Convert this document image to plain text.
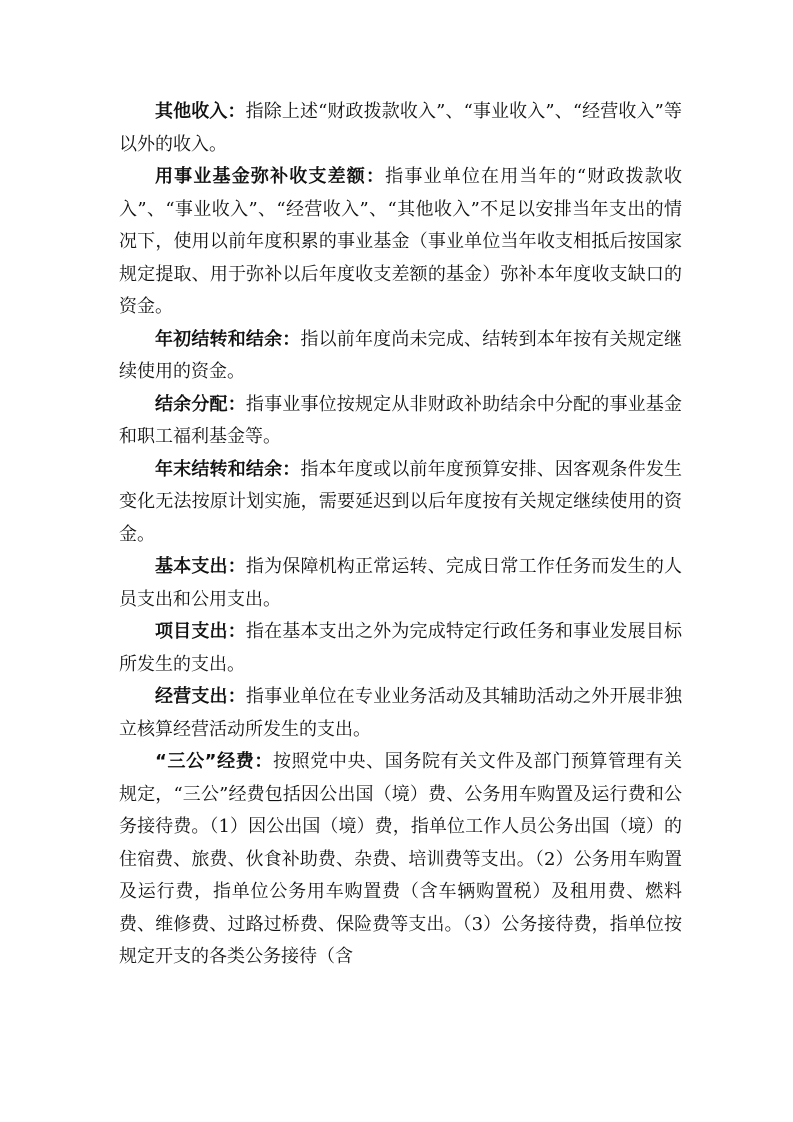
其他收入：指除上述“财政拨款收入”、“事业收入”、“经营收入”等以外的收入。

用事业基金弥补收支差额：指事业单位在用当年的“财政拨款收入”、“事业收入”、“经营收入”、“其他收入”不足以安排当年支出的情况下，使用以前年度积累的事业基金（事业单位当年收支相抵后按国家规定提取、用于弥补以后年度收支差额的基金）弥补本年度收支缺口的资金。

年初结转和结余：指以前年度尚未完成、结转到本年按有关规定继续使用的资金。

结余分配：指事业事位按规定从非财政补助结余中分配的事业基金和职工福利基金等。

年末结转和结余：指本年度或以前年度预算安排、因客观条件发生变化无法按原计划实施，需要延迟到以后年度按有关规定继续使用的资金。

基本支出：指为保障机构正常运转、完成日常工作任务而发生的人员支出和公用支出。

项目支出：指在基本支出之外为完成特定行政任务和事业发展目标所发生的支出。

经营支出：指事业单位在专业业务活动及其辅助活动之外开展非独立核算经营活动所发生的支出。

“三公”经费：按照党中央、国务院有关文件及部门预算管理有关规定，“三公”经费包括因公出国（境）费、公务用车购置及运行费和公务接待费。（1）因公出国（境）费，指单位工作人员公务出国（境）的住宿费、旅费、伙食补助费、杂费、培训费等支出。（2）公务用车购置及运行费，指单位公务用车购置费（含车辆购置税）及租用费、燃料费、维修费、过路过桥费、保险费等支出。（3）公务接待费，指单位按规定开支的各类公务接待（含
